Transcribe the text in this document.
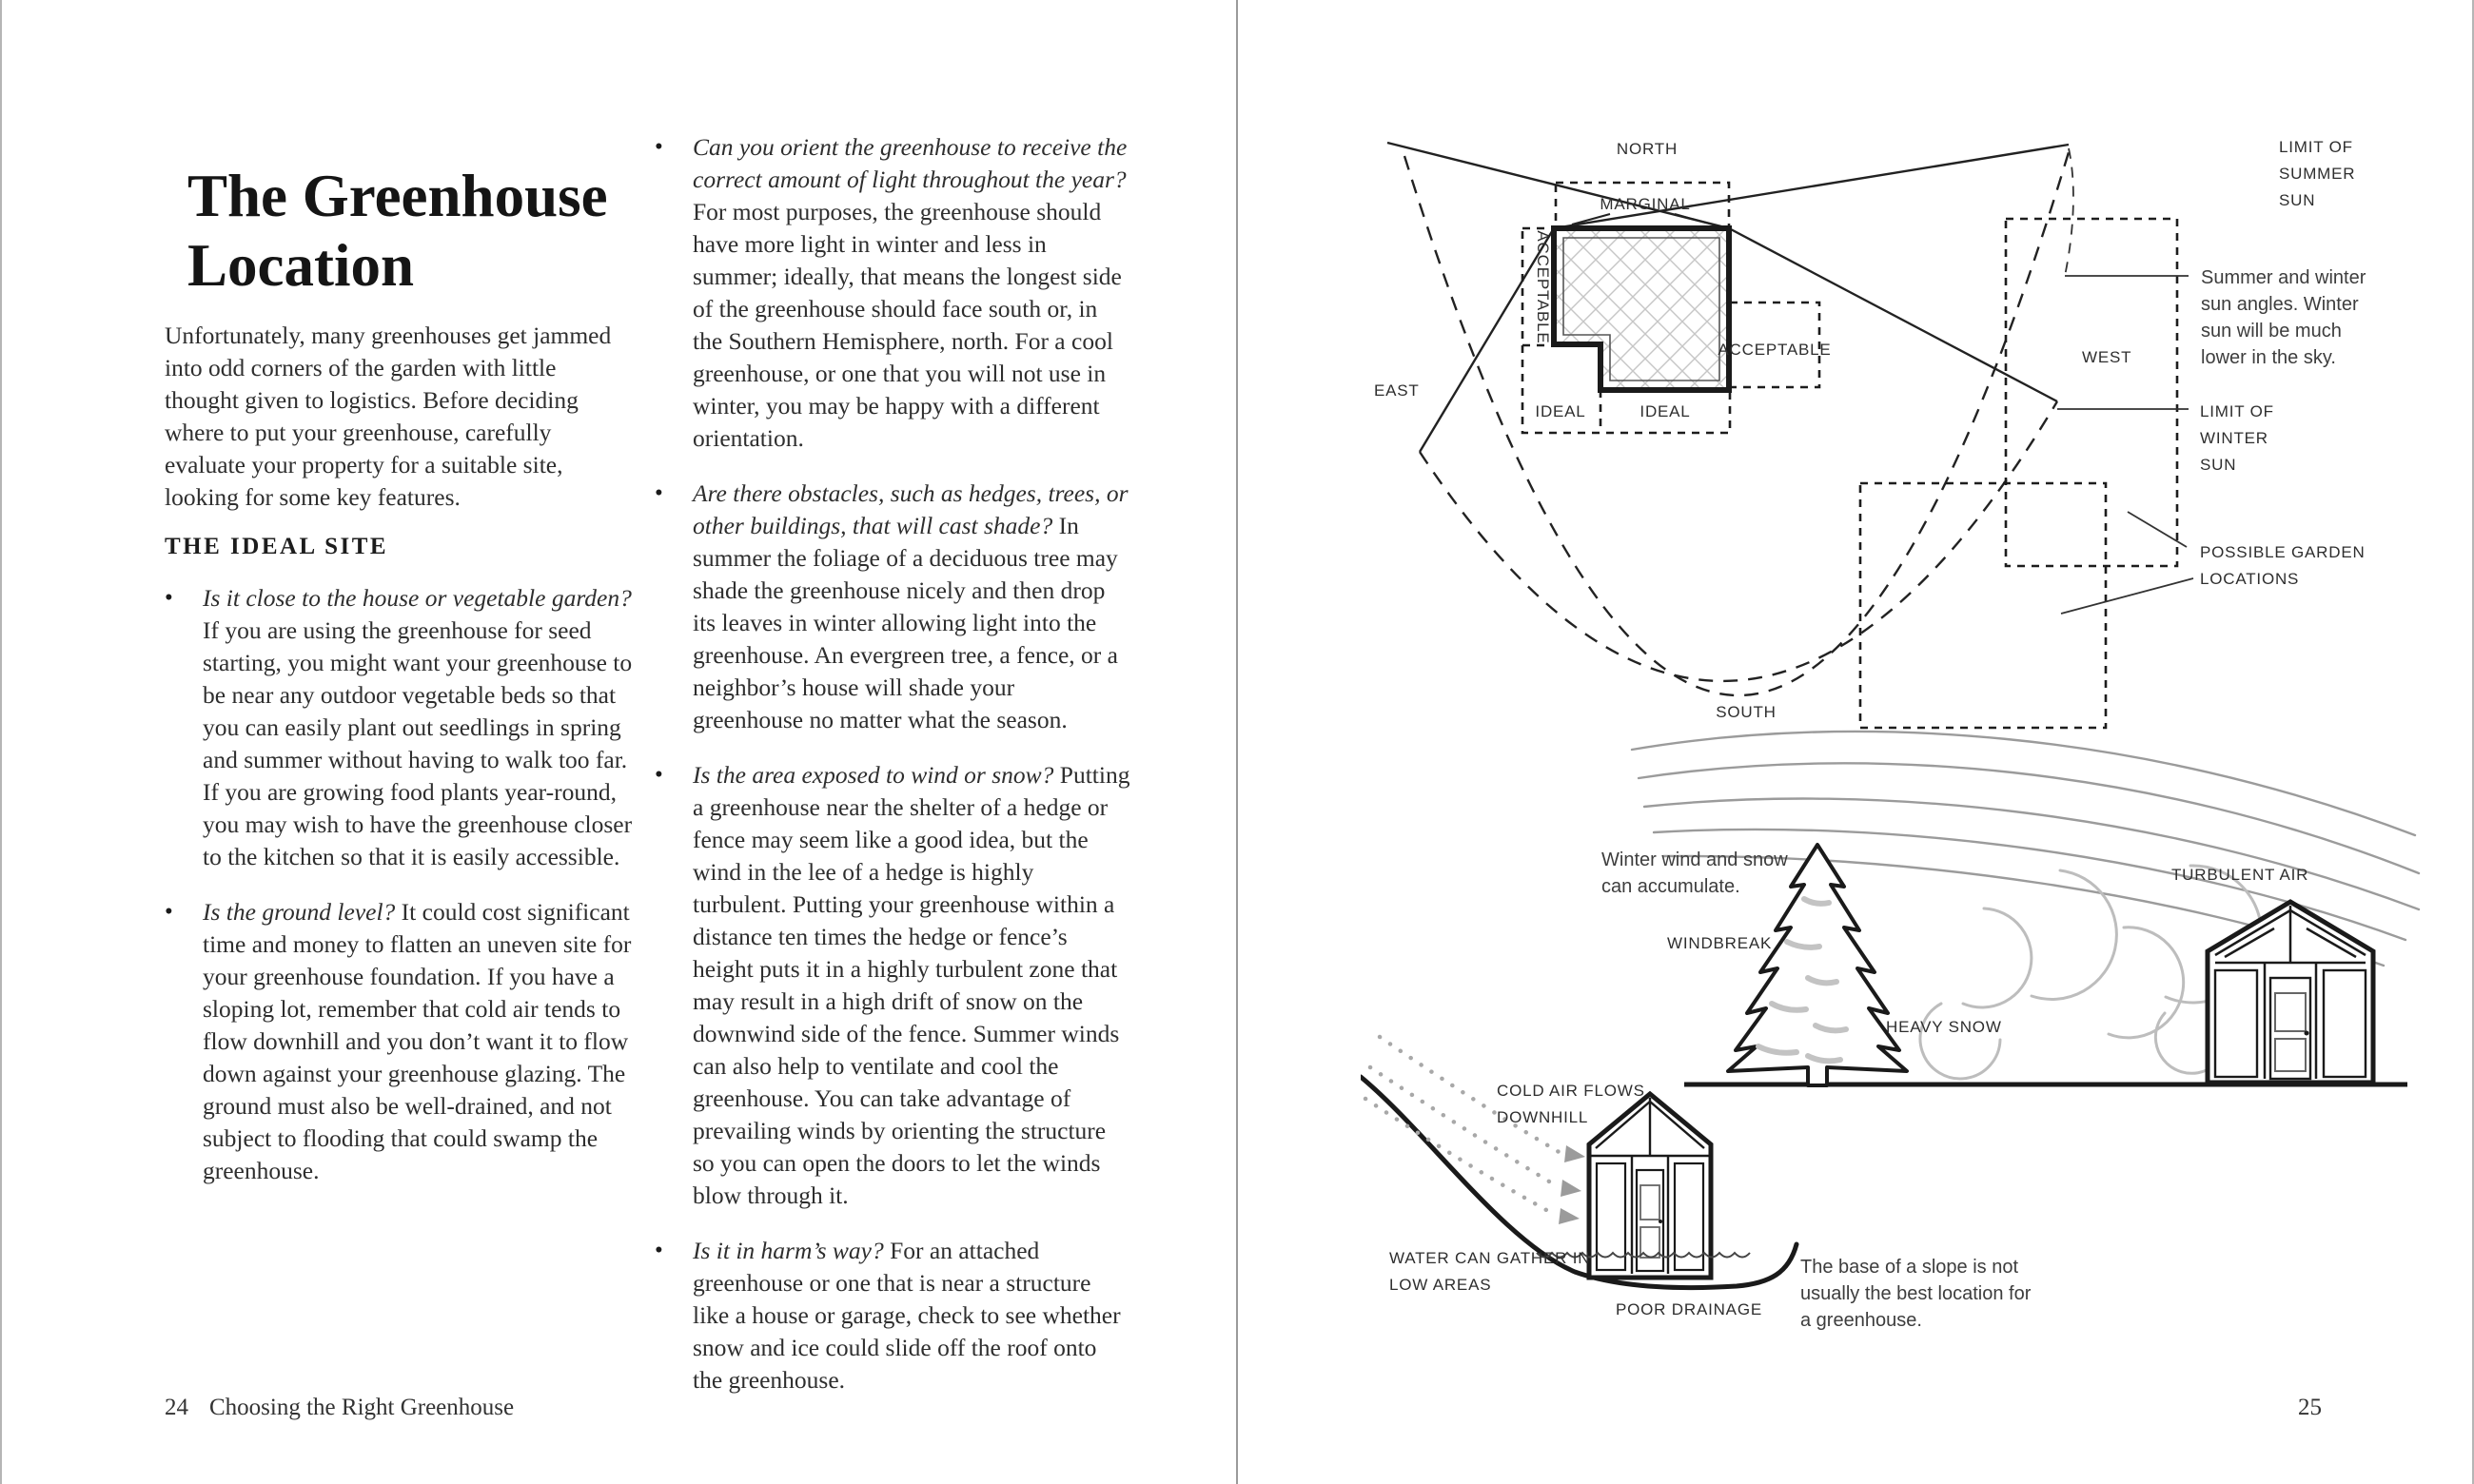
The Greenhouse Location

Unfortunately, many greenhouses get jammed into odd corners of the garden with little thought given to logistics. Before deciding where to put your greenhouse, carefully evaluate your property for a suitable site, looking for some key features.

THE IDEAL SITE
•	Is it close to the house or vegetable garden? If you are using the greenhouse for seed starting, you might want your greenhouse to be near any outdoor vegetable beds so that you can easily plant out seedlings in spring and summer without having to walk too far. If you are growing food plants year-round, you may wish to have the greenhouse closer to the kitchen so that it is easily accessible.
•	Is the ground level? It could cost significant time and money to flatten an uneven site for your greenhouse foundation. If you have a sloping lot, remember that cold air tends to flow downhill and you don’t want it to flow down against your greenhouse glazing. The ground must also be well-drained, and not subject to flooding that could swamp the greenhouse.
•	Can you orient the greenhouse to receive the correct amount of light throughout the year? For most purposes, the greenhouse should have more light in winter and less in summer; ideally, that means the longest side of the greenhouse should face south or, in the Southern Hemisphere, north. For a cool greenhouse, or one that you will not use in winter, you may be happy with a different orientation.
•	Are there obstacles, such as hedges, trees, or other buildings, that will cast shade? In summer the foliage of a deciduous tree may shade the greenhouse nicely and then drop its leaves in winter allowing light into the greenhouse. An evergreen tree, a fence, or a neighbor’s house will shade your greenhouse no matter what the season.
•	Is the area exposed to wind or snow? Putting a greenhouse near the shelter of a hedge or fence may seem like a good idea, but the wind in the lee of a hedge is highly turbulent. Putting your greenhouse within a distance ten times the hedge or fence’s height puts it in a highly turbulent zone that may result in a high drift of snow on the downwind side of the fence. Summer winds can also help to ventilate and cool the greenhouse. You can take advantage of prevailing winds by orienting the structure so you can open the doors to let the winds blow through it.
•	Is it in harm’s way? For an attached greenhouse or one that is near a structure like a house or garage, check to see whether snow and ice could slide off the roof onto the greenhouse.
24 Choosing the Right Greenhouse	25
NORTH
MARGINAL
ACCEPTABLE
ACCEPTABLE
IDEAL	IDEAL
EAST
WEST
SOUTH
LIMIT OF
SUMMER
SUN
Summer and winter
sun angles. Winter
sun will be much
lower in the sky.
LIMIT OF
WINTER
SUN
POSSIBLE GARDEN
LOCATIONS
Winter wind and snow
can accumulate.
WINDBREAK
TURBULENT AIR
HEAVY SNOW
COLD AIR FLOWS
DOWNHILL
WATER CAN GATHER IN
LOW AREAS
POOR DRAINAGE
The base of a slope is not
usually the best location for
a greenhouse.
